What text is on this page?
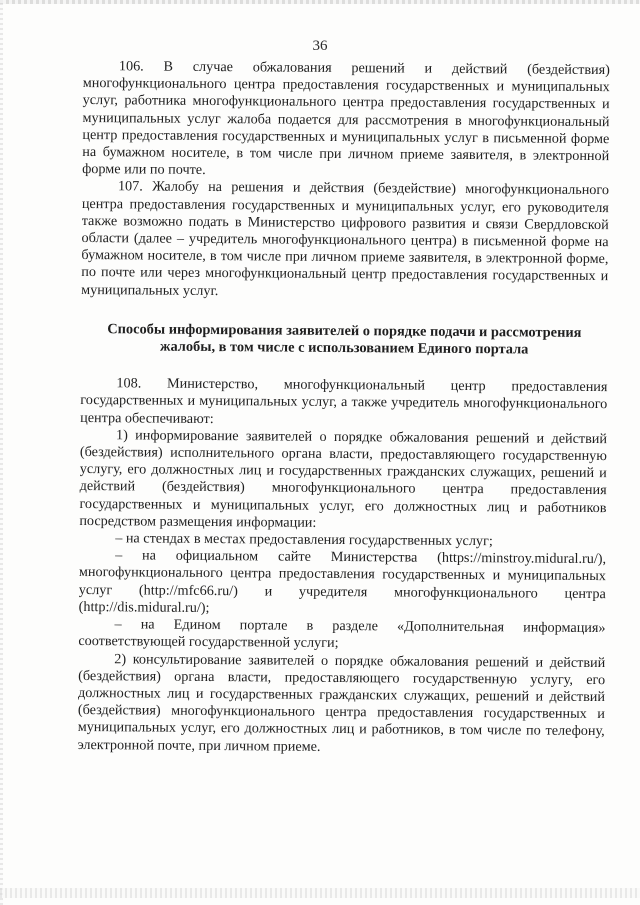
36

106. В случае обжалования решений и действий (бездействия) многофункционального центра предоставления государственных и муниципальных услуг, работника многофункционального центра предоставления государственных и муниципальных услуг жалоба подается для рассмотрения в многофункциональный центр предоставления государственных и муниципальных услуг в письменной форме на бумажном носителе, в том числе при личном приеме заявителя, в электронной форме или по почте.

107. Жалобу на решения и действия (бездействие) многофункционального центра предоставления государственных и муниципальных услуг, его руководителя также возможно подать в Министерство цифрового развития и связи Свердловской области (далее – учредитель многофункционального центра) в письменной форме на бумажном носителе, в том числе при личном приеме заявителя, в электронной форме, по почте или через многофункциональный центр предоставления государственных и муниципальных услуг.

Способы информирования заявителей о порядке подачи и рассмотрения
жалобы, в том числе с использованием Единого портала

108. Министерство, многофункциональный центр предоставления государственных и муниципальных услуг, а также учредитель многофункционального центра обеспечивают:

1) информирование заявителей о порядке обжалования решений и действий (бездействия) исполнительного органа власти, предоставляющего государственную услугу, его должностных лиц и государственных гражданских служащих, решений и действий (бездействия) многофункционального центра предоставления государственных и муниципальных услуг, его должностных лиц и работников посредством размещения информации:

– на стендах в местах предоставления государственных услуг;

– на официальном сайте Министерства (https://minstroy.midural.ru/), многофункционального центра предоставления государственных и муниципальных услуг (http://mfc66.ru/) и учредителя многофункционального центра (http://dis.midural.ru/);

– на Едином портале в разделе «Дополнительная информация» соответствующей государственной услуги;

2) консультирование заявителей о порядке обжалования решений и действий (бездействия) органа власти, предоставляющего государственную услугу, его должностных лиц и государственных гражданских служащих, решений и действий (бездействия) многофункционального центра предоставления государственных и муниципальных услуг, его должностных лиц и работников, в том числе по телефону, электронной почте, при личном приеме.
